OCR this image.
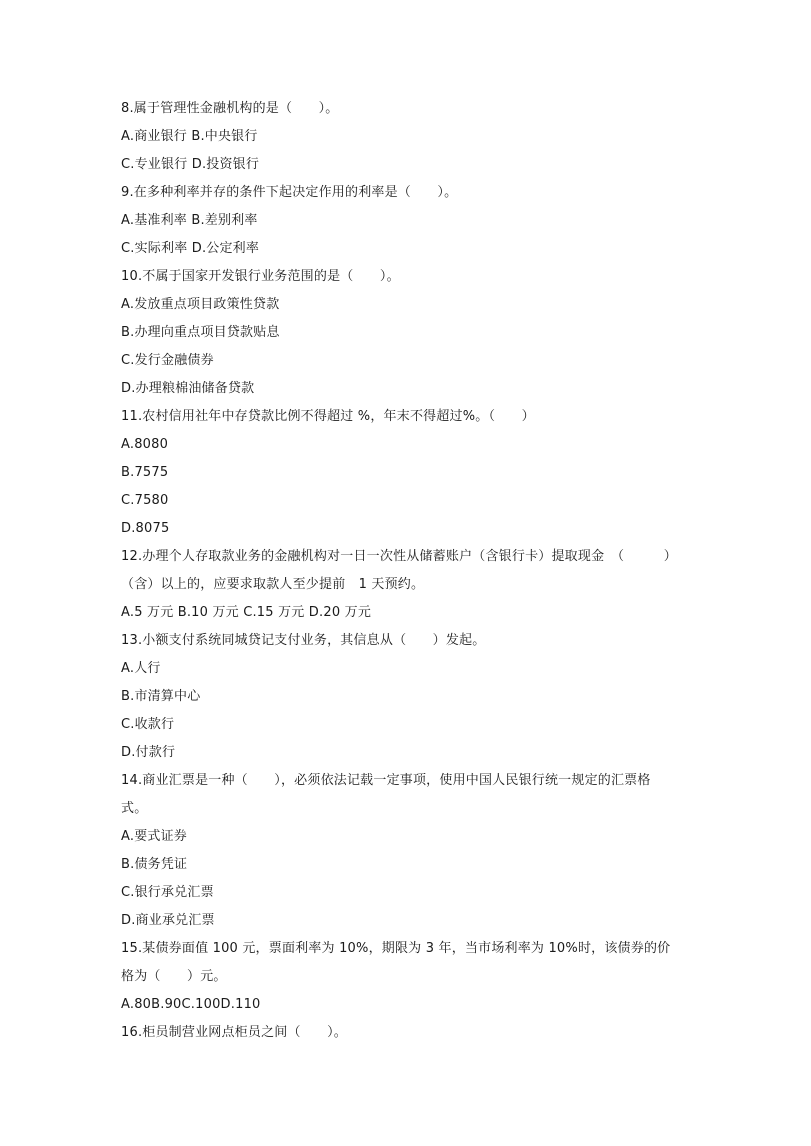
8.属于管理性金融机构的是（　　）。
A.商业银行 B.中央银行
C.专业银行 D.投资银行
9.在多种利率并存的条件下起决定作用的利率是（　　）。
A.基准利率 B.差别利率
C.实际利率 D.公定利率
10.不属于国家开发银行业务范围的是（　　）。
A.发放重点项目政策性贷款
B.办理向重点项目贷款贴息
C.发行金融债券
D.办理粮棉油储备贷款
11.农村信用社年中存贷款比例不得超过 %，年末不得超过%。（　　）
A.8080
B.7575
C.7580
D.8075
12.办理个人存取款业务的金融机构对一日一次性从储蓄账户（含银行卡）提取现金　（　　　）
（含）以上的，应要求取款人至少提前　1 天预约。
A.5 万元 B.10 万元 C.15 万元 D.20 万元
13.小额支付系统同城贷记支付业务，其信息从（　　）发起。
A.人行
B.市清算中心
C.收款行
D.付款行
14.商业汇票是一种（　　），必须依法记载一定事项，使用中国人民银行统一规定的汇票格
式。
A.要式证券
B.债务凭证
C.银行承兑汇票
D.商业承兑汇票
15.某债券面值 100 元，票面利率为 10%，期限为 3 年，当市场利率为 10%时，该债券的价
格为（　　）元。
A.80B.90C.100D.110
16.柜员制营业网点柜员之间（　　）。
